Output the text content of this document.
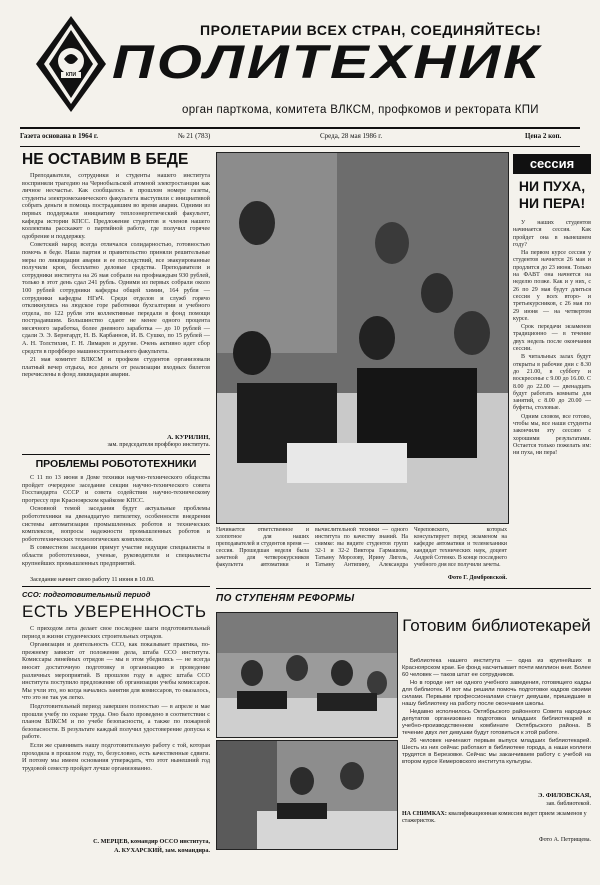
КПИ
ПРОЛЕТАРИИ ВСЕХ СТРАН, СОЕДИНЯЙТЕСЬ!
ПОЛИТЕХНИК
орган парткома, комитета ВЛКСМ, профкомов и ректората КПИ
Газета основана в 1964 г.	№ 21 (783)	Среда, 28 мая 1986 г.	Цена 2 коп.
НЕ ОСТАВИМ В БЕДЕ

Преподаватели, сотрудники и студенты нашего института восприняли трагедию на Чернобыльской атомной электростанции как личное несчастье. Как сообщалось в прошлом номере газеты, студенты электромеханического факультета выступили с инициативой собрать деньги в помощь пострадавшим во время аварии. Одними из первых поддержали инициативу теплоэнергетический факультет, кафедра истории КПСС. Предложение студентов и членов нашего коллектива расскажет о партийной работе, где получил горячее одобрение и поддержку.

Советский народ всегда отличался солидарностью, готовностью помочь в беде. Наша партия и правительство приняли решительные меры по ликвидации аварии и ее последствий, все эвакуированные получили кров, бесплатно деловые средства. Преподаватели и сотрудники института на 26 мая собрали на профнаждым 930 рублей, только в этот день сдал 241 рубль. Одними из первых собрали около 100 рублей сотрудники кафедры общей химии, 164 рубля — сотрудники кафедры НГиЧ. Среди отделов и служб горячо откликнулись на людское горе работники бухгалтерии и учебного отдела, по 122 рубля эти коллективные передали в фонд помощи пострадавшим. Большинство сдают не менее одного процента месячного заработка, более дневного заработка — до 10 рублей — сдали Э. Э. Бернгардт, Н. В. Карбаннов, И. В. Сушко, по 15 рублей — А. Н. Толстихин, Г. Н. Лимарев и другие. Очень активно идет сбор средств в профбюро машиностроительного факультета.

21 мая комитет ВЛКСМ и профком студентов организовали платный вечер отдыха, все деньги от реализации входных билетов перечислены в фонд ликвидации аварии.

А. КУРИЛИН,
зам. председателя профбюро института.
ПРОБЛЕМЫ РОБОТОТЕХНИКИ

С 11 по 13 июня в Доме техники научно-технического общества пройдет очередное заседание секции научно-технического совета Госстандарта СССР и совета содействия научно-техническому прогрессу при Красноярском крайкоме КПСС.

Основной темой заседания будут актуальные проблемы робототехники на двенадцатую пятилетку, особенности внедрения системы автоматизации промышленных роботов и технических комплексов, вопросы надежности промышленных роботов и робототехнических технологических комплексов.

В совместном заседании примут участие ведущие специалисты в области робототехники, ученые, руководители и специалисты крупнейших промышленных предприятий.

Заседание начнет свою работу 11 июня в 10.00.
ССО: подготовительный период
ЕСТЬ УВЕРЕННОСТЬ

С приходом лета делает свое последнее шаги подготовительный период в жизни студенческих строительных отрядов.

Организация и деятельность ССО, как показывает практика, по-прежнему зависит от положения дела, штаба ССО института. Комиссары линейных отрядов — мы в этом убедились — не всегда вносят достаточную подготовку в организацию и проведение различных мероприятий. В прошлом году в адрес штаба ССО института поступило предложение об организации учебы комиссаров. Мы учли это, но когда начались занятия для комиссаров, то оказалось, что это не так уж легко.

Подготовительный период завершен полностью — в апреле и мае прошли учебу по охране труда. Оно было проведено в соответствии с планом ВЛКСМ и по учебе безопасности, а также по пожарной безопасности. В результате каждый получил удостоверение допуска к работе.

Если же сравнивать нашу подготовительную работу с той, которая проходила в прошлом году, то, безусловно, есть качественные сдвиги. И потому мы имеем основания утверждать, что этот нынешний год трудовой семестр пройдет лучше организованно.

С. МЕРЦЕВ, командир ОССО института,
А. КУХАРСКИЙ, зам. командира.
Начинается ответственное и хлопотное для наших преподавателей и студентов время — сессия. Прошедшая неделя была зачетной для четверокурсников факультета автоматики и вычислительной техники — одного института по качеству знаний. На снимке: вы видите студентов групп 32-1 и 32-2 Виктора Гармашова, Татьяну Морозову, Ирину Лигель, Татьяну Антипину, Александра Череповского, которых консультирует перед экзаменом на кафедре автоматики и телемеханики кандидат технических наук, доцент Андрей Сотенко. В конце последнего учебного дня все получили зачеты.
Фото Г. Домбровской.
сессия
НИ ПУХА, НИ ПЕРА!

У наших студентов начинается сессия. Как пройдет она в нынешнем году?

На первом курсе сессия у студентов начнется 26 мая и продлится до 23 июня. Только на ФАВТ она начнется на неделю позже. Как и у них, с 26 по 29 мая будут длиться сессия у всех второ- и третьекурсников, с 26 мая по 29 июня — на четвертом курсе.

Срок передачи экзаменов традиционно — в течение двух недель после окончания сессии.

В читальных залах будут открыты в рабочие дни с 8.30 до 21.00, в субботу и воскресенье с 9.00 до 16.00. С 8.00 до 22.00 — двенадцать будут работать комнаты для занятий, с 8.00 до 20.00 — буфеты, столовые.

Одним словом, все готово, чтобы мы, все наши студенты закончили эту сессию с хорошими результатами. Остается только пожелать им: ни пуха, ни пера!

ПО СТУПЕНЯМ РЕФОРМЫ
Готовим библиотекарей

Библиотека нашего института — одна из крупнейших в Красноярском крае. Ее фонд насчитывает почти миллион книг. Более 60 человек — таков штат ее сотрудников.

Но в городе нет ни одного учебного заведения, готовящего кадры для библиотек. И вот мы решили помочь подготовке кадров своими силами. Первыми профессионалами станут девушки, пришедшие в нашу библиотеку на работу после окончания школы.

Недавно исполнилось Октябрьского районного Совета народных депутатов организовано подготовка младших библиотекарей в учебно-производственном комбинате Октябрьского района. В течение двух лет девушки будут готовиться к этой работе.

26 человек начинают первым выпуск младших библиотекарей. Шесть из них сейчас работают в библиотеке города, а наши коллеги трудятся в Березовке. Сейчас мы заканчиваем работу с учебой на втором курсе Кемеровского института культуры.

Э. ФИЛОВСКАЯ,
зав. библиотекой.
НА СНИМКАХ: квалификационная комиссия ведет прием экзаменов у стажеристок.
Фото А. Петрищева.
